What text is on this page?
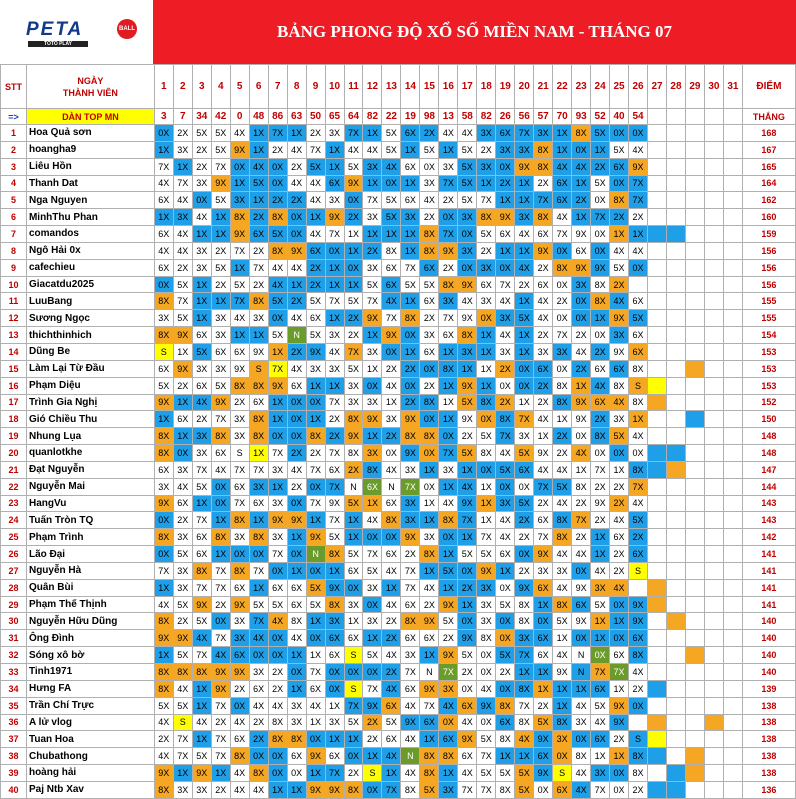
PETA	BALL
TOTO PLAY
BẢNG PHONG ĐỘ XỔ SỐ MIỀN NAM - THÁNG 07
STT	NGÀY
THÀNH VIÊN	1	2	3	4	5	6	7	8	9	10	11	12	13	14	15	16	17	18	19	20	21	22	23	24	25	26	27	28	29	30	31	ĐIỂM
=>	DÀN TOP MN	3	7	34	42	0	48	86	63	50	65	64	82	22	19	98	13	58	82	26	56	57	70	93	52	40	54						THẮNG
1	Hoa Quả sơn	0X	2X	5X	5X	4X	1X	7X	1X	2X	3X	7X	1X	5X	6X	2X	4X	4X	3X	6X	7X	3X	1X	8X	5X	0X	0X						168
2	hoangha9	1X	3X	2X	5X	9X	1X	2X	4X	7X	1X	4X	4X	5X	1X	5X	1X	5X	2X	3X	3X	8X	1X	0X	1X	5X	4X						167
3	Liêu Hồn	7X	1X	2X	7X	0X	4X	0X	2X	5X	1X	5X	3X	4X	6X	0X	3X	5X	3X	0X	9X	8X	4X	4X	2X	6X	9X						165
4	Thanh Dat	4X	7X	3X	9X	1X	5X	0X	4X	4X	6X	9X	1X	0X	1X	3X	7X	5X	1X	2X	1X	2X	6X	1X	5X	0X	7X						164
5	Nga Nguyen	6X	4X	0X	5X	3X	1X	2X	2X	4X	3X	0X	7X	5X	6X	4X	2X	5X	7X	1X	1X	7X	6X	2X	0X	8X	7X						162
6	MinhThu Phan	1X	3X	4X	1X	8X	2X	8X	0X	1X	9X	2X	3X	5X	3X	2X	0X	3X	8X	9X	3X	8X	4X	1X	7X	2X	2X						160
7	comandos	6X	4X	1X	1X	9X	6X	5X	0X	4X	7X	1X	1X	1X	1X	8X	7X	0X	5X	6X	4X	6X	7X	9X	0X	1X	1X						159
8	Ngô Hải 0x	4X	4X	3X	2X	7X	2X	8X	9X	6X	0X	1X	2X	8X	1X	8X	9X	3X	2X	1X	1X	9X	0X	6X	0X	4X	4X						156
9	cafechieu	6X	2X	3X	5X	1X	7X	4X	4X	2X	1X	0X	3X	6X	7X	6X	2X	0X	3X	0X	4X	2X	8X	9X	9X	5X	0X						156
10	Giacatdu2025	0X	5X	1X	2X	5X	2X	4X	1X	2X	1X	1X	5X	6X	5X	5X	8X	9X	6X	7X	2X	6X	0X	3X	8X	2X							156
11	LuuBang	8X	7X	1X	1X	7X	8X	5X	2X	5X	7X	5X	7X	4X	1X	6X	3X	4X	3X	4X	1X	4X	2X	0X	8X	4X	6X						155
12	Sương Ngọc	3X	5X	1X	3X	4X	3X	0X	4X	6X	1X	2X	9X	7X	8X	2X	7X	9X	0X	3X	5X	4X	0X	0X	1X	9X	5X						155
13	thichthinhich	8X	9X	6X	3X	1X	1X	5X	N	5X	3X	2X	1X	9X	0X	3X	6X	8X	1X	4X	1X	2X	7X	2X	0X	3X	6X						154
14	Dũng Be	S	1X	5X	6X	6X	9X	1X	2X	9X	4X	7X	3X	0X	1X	6X	1X	3X	1X	3X	1X	3X	3X	4X	2X	9X	6X						153
15	Làm Lại Từ Đầu	6X	9X	3X	3X	9X	S	7X	4X	3X	3X	5X	1X	2X	2X	0X	8X	1X	1X	2X	0X	6X	0X	2X	6X	6X	8X						153
16	Phạm Diệu	5X	2X	6X	5X	8X	8X	9X	6X	1X	1X	3X	0X	4X	0X	2X	1X	9X	1X	0X	0X	2X	8X	1X	4X	8X	S						153
17	Trình Gia Nghị	9X	1X	4X	9X	2X	6X	1X	0X	0X	7X	3X	3X	1X	2X	8X	1X	5X	8X	2X	1X	2X	8X	9X	6X	4X	8X						152
18	Gió Chiều Thu	1X	6X	2X	7X	3X	8X	1X	0X	1X	2X	8X	9X	3X	9X	0X	1X	9X	0X	8X	7X	4X	1X	9X	2X	3X	1X						150
19	Nhung Lụa	8X	1X	3X	8X	3X	8X	0X	0X	8X	2X	9X	1X	2X	8X	8X	0X	2X	5X	7X	3X	1X	2X	0X	8X	5X	4X						148
20	quanlotkhe	8X	0X	3X	6X	S	1X	7X	2X	2X	7X	8X	3X	0X	9X	0X	7X	5X	8X	4X	5X	9X	2X	4X	0X	0X	0X						148
21	Đạt Nguyễn	6X	3X	7X	4X	7X	7X	3X	4X	7X	6X	2X	8X	4X	3X	1X	3X	1X	0X	5X	6X	4X	4X	1X	7X	1X	8X						147
22	Nguyễn Mai	3X	4X	5X	0X	6X	3X	1X	2X	0X	7X	N	6X	N	7X	0X	1X	4X	1X	0X	0X	7X	5X	8X	2X	2X	7X						144
23	HangVu	9X	6X	1X	0X	7X	6X	3X	0X	7X	9X	5X	1X	6X	3X	1X	4X	9X	1X	3X	5X	2X	4X	2X	9X	2X	4X						143
24	Tuấn Tròn TQ	0X	2X	7X	1X	8X	1X	9X	9X	1X	7X	1X	4X	8X	3X	1X	8X	7X	1X	4X	2X	6X	8X	7X	2X	4X	5X						143
25	Phạm Trình	8X	3X	6X	8X	3X	8X	3X	1X	9X	5X	1X	0X	0X	9X	3X	0X	1X	7X	4X	2X	7X	8X	2X	1X	6X	2X						142
26	Lão Đại	0X	5X	6X	1X	0X	0X	7X	0X	N	8X	5X	7X	6X	2X	8X	1X	5X	5X	6X	0X	9X	4X	4X	1X	2X	6X						141
27	Nguyễn Hà	7X	3X	8X	7X	8X	7X	0X	1X	0X	1X	6X	5X	4X	7X	1X	5X	0X	9X	1X	2X	3X	3X	0X	4X	2X	S						141
28	Quân Bùi	1X	3X	7X	7X	6X	1X	6X	6X	5X	9X	0X	3X	1X	7X	4X	1X	2X	3X	0X	9X	6X	4X	9X	3X	4X							141
29	Phạm Thế Thịnh	4X	5X	9X	2X	9X	5X	5X	6X	5X	8X	3X	0X	4X	6X	2X	9X	1X	3X	5X	8X	1X	8X	6X	5X	0X	9X						141
30	Nguyễn Hữu Dũng	8X	2X	5X	0X	3X	7X	4X	8X	1X	3X	1X	3X	2X	8X	9X	5X	0X	3X	0X	8X	0X	5X	9X	1X	1X	9X						140
31	Ông Đình	9X	9X	4X	7X	3X	4X	0X	4X	0X	6X	6X	1X	2X	6X	6X	2X	9X	8X	0X	3X	6X	1X	0X	1X	0X	6X						140
32	Sóng xô bờ	1X	5X	7X	4X	6X	0X	0X	1X	1X	6X	S	5X	4X	3X	1X	9X	5X	0X	5X	7X	6X	4X	N	0X	6X	8X						140
33	Tinh1971	8X	8X	8X	9X	9X	3X	2X	0X	7X	0X	0X	0X	2X	7X	N	7X	2X	0X	2X	1X	1X	9X	N	7X	7X	4X						140
34	Hưng FA	8X	4X	1X	9X	2X	6X	2X	1X	6X	0X	S	7X	4X	6X	9X	3X	0X	4X	0X	8X	1X	1X	1X	6X	1X	2X						139
35	Trần Chí Trực	5X	5X	1X	7X	0X	4X	4X	3X	4X	1X	7X	9X	6X	4X	7X	4X	6X	9X	8X	7X	2X	1X	4X	5X	9X	0X						138
36	A lử vlog	4X	S	4X	2X	4X	2X	8X	3X	1X	3X	5X	2X	5X	9X	6X	0X	4X	0X	6X	8X	5X	8X	3X	4X	9X							138
37	Tuan Hoa	2X	7X	1X	7X	6X	2X	8X	8X	0X	1X	1X	2X	6X	4X	1X	6X	9X	5X	8X	4X	9X	3X	0X	6X	2X	S						138
38	Chubathong	4X	7X	5X	7X	8X	0X	0X	6X	9X	6X	0X	1X	4X	N	8X	8X	6X	7X	1X	1X	6X	0X	8X	1X	1X	8X						138
39	hoàng hải	9X	1X	9X	1X	4X	8X	0X	0X	1X	7X	2X	S	1X	4X	8X	1X	4X	5X	5X	5X	9X	S	4X	3X	0X	8X						138
40	Paj Ntb Xav	8X	3X	3X	2X	4X	4X	1X	1X	9X	9X	8X	0X	7X	8X	5X	3X	7X	7X	8X	5X	0X	6X	4X	7X	0X	2X						136
